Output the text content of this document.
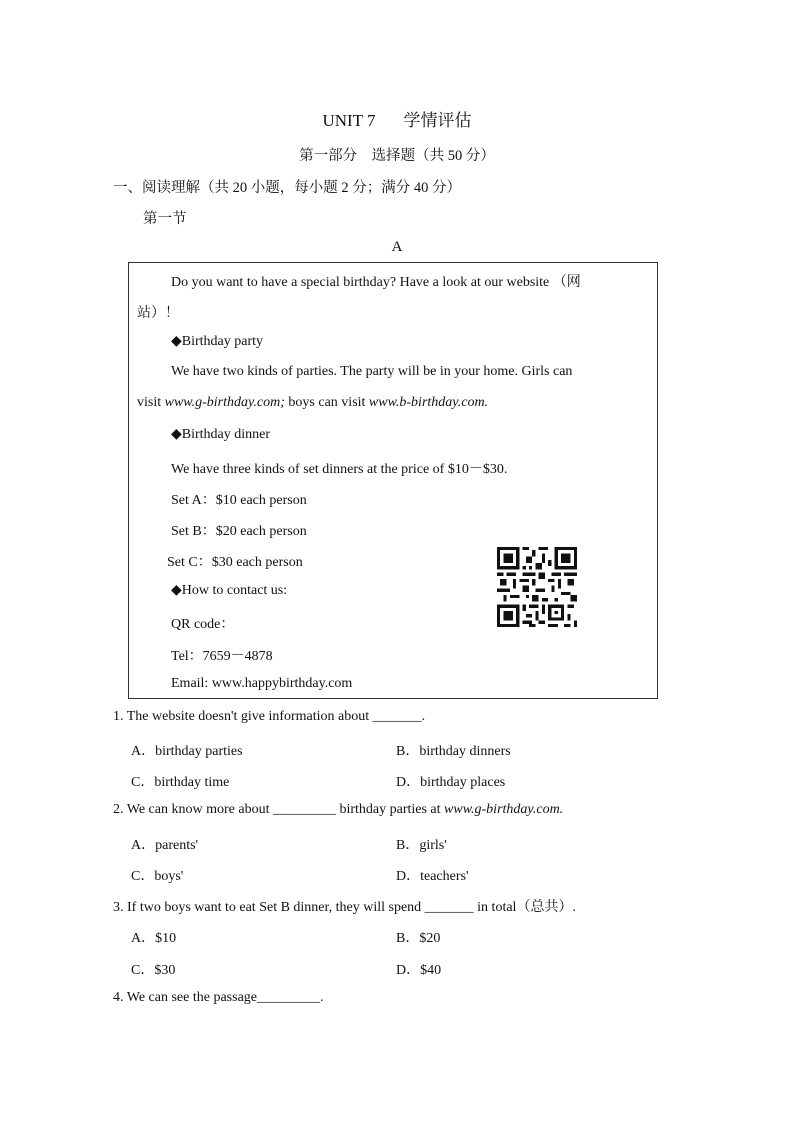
UNIT 7 学情评估
第一部分　选择题（共 50 分）
一、阅读理解（共 20 小题，每小题 2 分；满分 40 分）
第一节
A
Do you want to have a special birthday? Have a look at our website （网
站）！
◆Birthday party
We have two kinds of parties. The party will be in your home. Girls can
visit www.g-birthday.com; boys can visit www.b-birthday.com.
◆Birthday dinner
We have three kinds of set dinners at the price of $10－$30.
Set A：$10 each person
Set B：$20 each person
Set C：$30 each person
◆How to contact us:
QR code：
Tel：7659－4878
Email: www.happybirthday.com
1. The website doesn't give information about _______.
A．birthday parties	B．birthday dinners
C．birthday time	D．birthday places
2. We can know more about _________ birthday parties at www.g-birthday.com.
A．parents'	B．girls'
C．boys'	D．teachers'
3. If two boys want to eat Set B dinner, they will spend _______ in total（总共）.
A．$10	B．$20
C．$30	D．$40
4. We can see the passage_________.
